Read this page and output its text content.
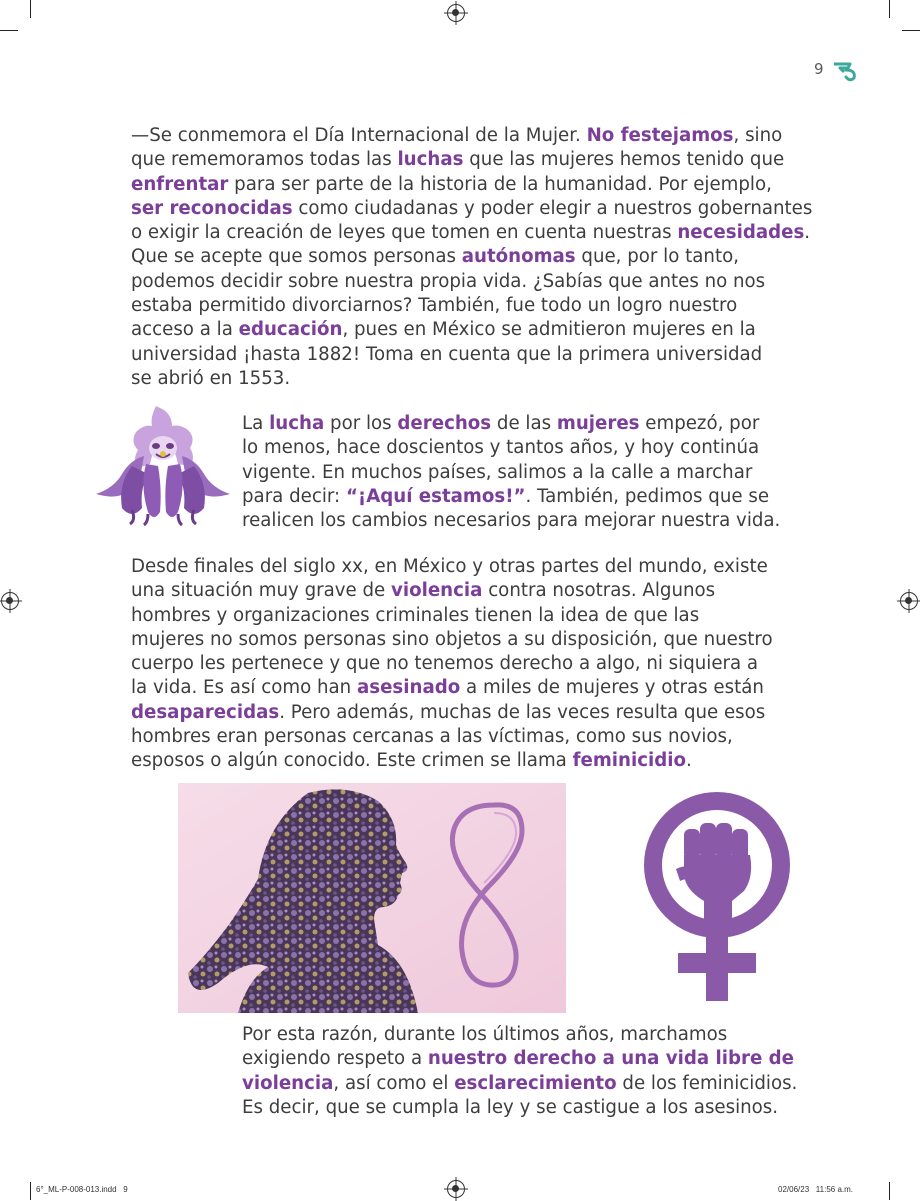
9

—Se conmemora el Día Internacional de la Mujer. No festejamos, sino
que rememoramos todas las luchas que las mujeres hemos tenido que
enfrentar para ser parte de la historia de la humanidad. Por ejemplo,
ser reconocidas como ciudadanas y poder elegir a nuestros gobernantes
o exigir la creación de leyes que tomen en cuenta nuestras necesidades.
Que se acepte que somos personas autónomas que, por lo tanto,
podemos decidir sobre nuestra propia vida. ¿Sabías que antes no nos
estaba permitido divorciarnos? También, fue todo un logro nuestro
acceso a la educación, pues en México se admitieron mujeres en la
universidad ¡hasta 1882! Toma en cuenta que la primera universidad
se abrió en 1553.

La lucha por los derechos de las mujeres empezó, por
lo menos, hace doscientos y tantos años, y hoy continúa
vigente. En muchos países, salimos a la calle a marchar
para decir: “¡Aquí estamos!”. También, pedimos que se
realicen los cambios necesarios para mejorar nuestra vida.

Desde finales del siglo xx, en México y otras partes del mundo, existe
una situación muy grave de violencia contra nosotras. Algunos
hombres y organizaciones criminales tienen la idea de que las
mujeres no somos personas sino objetos a su disposición, que nuestro
cuerpo les pertenece y que no tenemos derecho a algo, ni siquiera a
la vida. Es así como han asesinado a miles de mujeres y otras están
desaparecidas. Pero además, muchas de las veces resulta que esos
hombres eran personas cercanas a las víctimas, como sus novios,
esposos o algún conocido. Este crimen se llama feminicidio.

Por esta razón, durante los últimos años, marchamos
exigiendo respeto a nuestro derecho a una vida libre de
violencia, así como el esclarecimiento de los feminicidios.
Es decir, que se cumpla la ley y se castigue a los asesinos.

6°_ML-P-008-013.indd   9	02/06/23   11:56 a.m.
